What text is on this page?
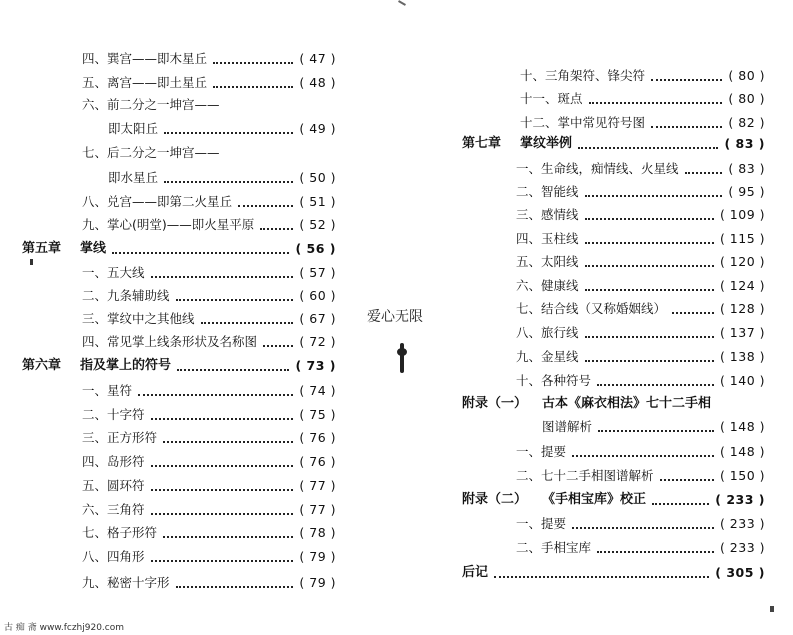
四、巽宫——即木星丘	( 47 )
五、离宫——即土星丘	( 48 )
六、前二分之一坤宫——
即太阳丘	( 49 )
七、后二分之一坤宫——
即水星丘	( 50 )
八、兑宫——即第二火星丘	( 51 )
九、掌心(明堂)——即火星平原	( 52 )
第五章	掌线	( 56 )
一、五大线	( 57 )
二、九条辅助线	( 60 )
三、掌纹中之其他线	( 67 )
四、常见掌上线条形状及名称图	( 72 )
第六章	指及掌上的符号	( 73 )
一、星符	( 74 )
二、十字符	( 75 )
三、正方形符	( 76 )
四、岛形符	( 76 )
五、圆环符	( 77 )
六、三角符	( 77 )
七、格子形符	( 78 )
八、四角形	( 79 )
九、秘密十字形	( 79 )
爱心无限
十、三角架符、锋尖符	( 80 )
十一、斑点	( 80 )
十二、掌中常见符号图	( 82 )
第七章	掌纹举例	( 83 )
一、生命线，痴情线、火星线	( 83 )
二、智能线	( 95 )
三、感情线	( 109 )
四、玉柱线	( 115 )
五、太阳线	( 120 )
六、健康线	( 124 )
七、结合线（又称婚姻线）	( 128 )
八、旅行线	( 137 )
九、金星线	( 138 )
十、各种符号	( 140 )
附录（一）	古本《麻衣相法》七十二手相
图谱解析	( 148 )
一、提要	( 148 )
二、七十二手相图谱解析	( 150 )
附录（二）	《手相宝库》校正	( 233 )
一、提要	( 233 )
二、手相宝库	( 233 )
后记	( 305 )
古 痴 斋 www.fczhj920.com
